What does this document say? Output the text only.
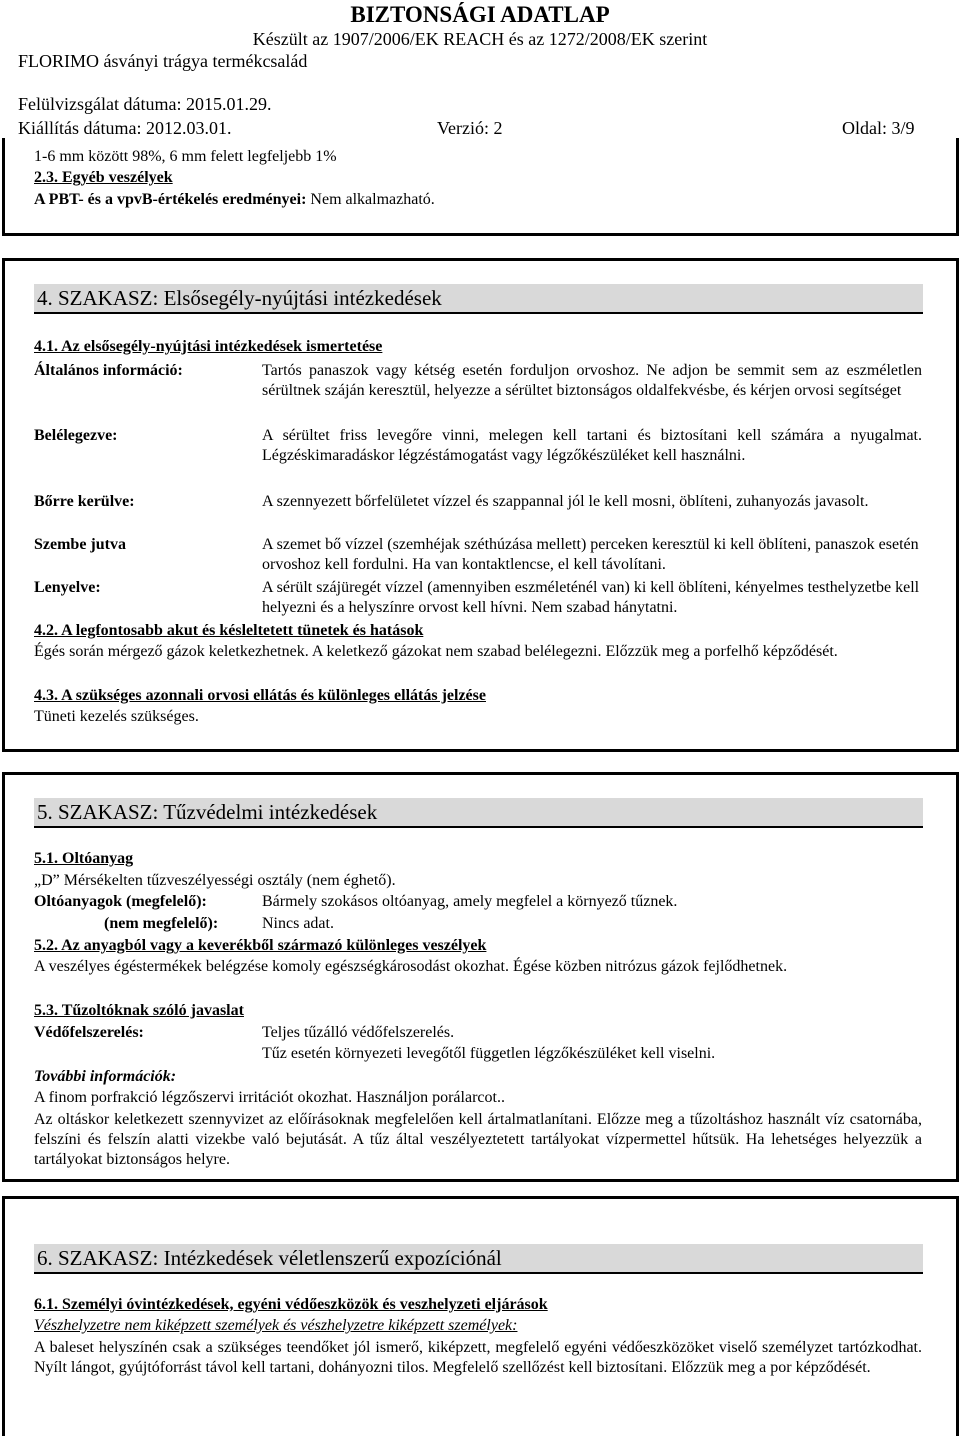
BIZTONSÁGI ADATLAP
Készült az 1907/2006/EK REACH és az 1272/2008/EK szerint
FLORIMO ásványi trágya termékcsalád
Felülvizsgálat dátuma: 2015.01.29.
Kiállítás dátuma: 2012.03.01.	Verzió: 2	Oldal: 3/9
1-6 mm között 98%, 6 mm felett legfeljebb 1%
2.3. Egyéb veszélyek
A PBT- és a vpvB-értékelés eredményei: Nem alkalmazható.
4. SZAKASZ: Elsősegély-nyújtási intézkedések
4.1. Az elsősegély-nyújtási intézkedések ismertetése
Általános információ:	Tartós panaszok vagy kétség esetén forduljon orvoshoz. Ne adjon be semmit sem az eszméletlen sérültnek száján keresztül, helyezze a sérültet biztonságos oldalfekvésbe, és kérjen orvosi segítséget
Belélegezve:	A sérültet friss levegőre vinni, melegen kell tartani és biztosítani kell számára a nyugalmat. Légzéskimaradáskor légzéstámogatást vagy légzőkészüléket kell használni.
Bőrre kerülve:	A szennyezett bőrfelületet vízzel és szappannal jól le kell mosni, öblíteni, zuhanyozás javasolt.
Szembe jutva	A szemet bő vízzel (szemhéjak széthúzása mellett) perceken keresztül ki kell öblíteni, panaszok esetén orvoshoz kell fordulni. Ha van kontaktlencse, el kell távolítani.
Lenyelve:	A sérült szájüregét vízzel (amennyiben eszméleténél van) ki kell öblíteni, kényelmes testhelyzetbe kell helyezni és a helyszínre orvost kell hívni. Nem szabad hánytatni.
4.2. A legfontosabb akut és késleltetett tünetek és hatások
Égés során mérgező gázok keletkezhetnek. A keletkező gázokat nem szabad belélegezni. Előzzük meg a porfelhő képződését.
4.3. A szükséges azonnali orvosi ellátás és különleges ellátás jelzése
Tüneti kezelés szükséges.
5. SZAKASZ: Tűzvédelmi intézkedések
5.1. Oltóanyag
„D” Mérsékelten tűzveszélyességi osztály (nem éghető).
Oltóanyagok (megfelelő):	Bármely szokásos oltóanyag, amely megfelel a környező tűznek.
(nem megfelelő):	Nincs adat.
5.2. Az anyagból vagy a keverékből származó különleges veszélyek
A veszélyes égéstermékek belégzése komoly egészségkárosodást okozhat. Égése közben nitrózus gázok fejlődhetnek.
5.3. Tűzoltóknak szóló javaslat
Védőfelszerelés:	Teljes tűzálló védőfelszerelés.
Tűz esetén környezeti levegőtől független légzőkészüléket kell viselni.
További információk:
A finom porfrakció légzőszervi irritációt okozhat. Használjon porálarcot..
Az oltáskor keletkezett szennyvizet az előírásoknak megfelelően kell ártalmatlanítani. Előzze meg a tűzoltáshoz használt víz csatornába, felszíni és felszín alatti vizekbe való bejutását. A tűz által veszélyeztetett tartályokat vízpermettel hűtsük. Ha lehetséges helyezzük a tartályokat biztonságos helyre.
6. SZAKASZ: Intézkedések véletlenszerű expozíciónál
6.1. Személyi óvintézkedések, egyéni védőeszközök és veszhelyzeti eljárások
Vészhelyzetre nem kiképzett személyek és vészhelyzetre kiképzett személyek:
A baleset helyszínén csak a szükséges teendőket jól ismerő, kiképzett, megfelelő egyéni védőeszközöket viselő személyzet tartózkodhat. Nyílt lángot, gyújtóforrást távol kell tartani, dohányozni tilos. Megfelelő szellőzést kell biztosítani. Előzzük meg a por képződését.
